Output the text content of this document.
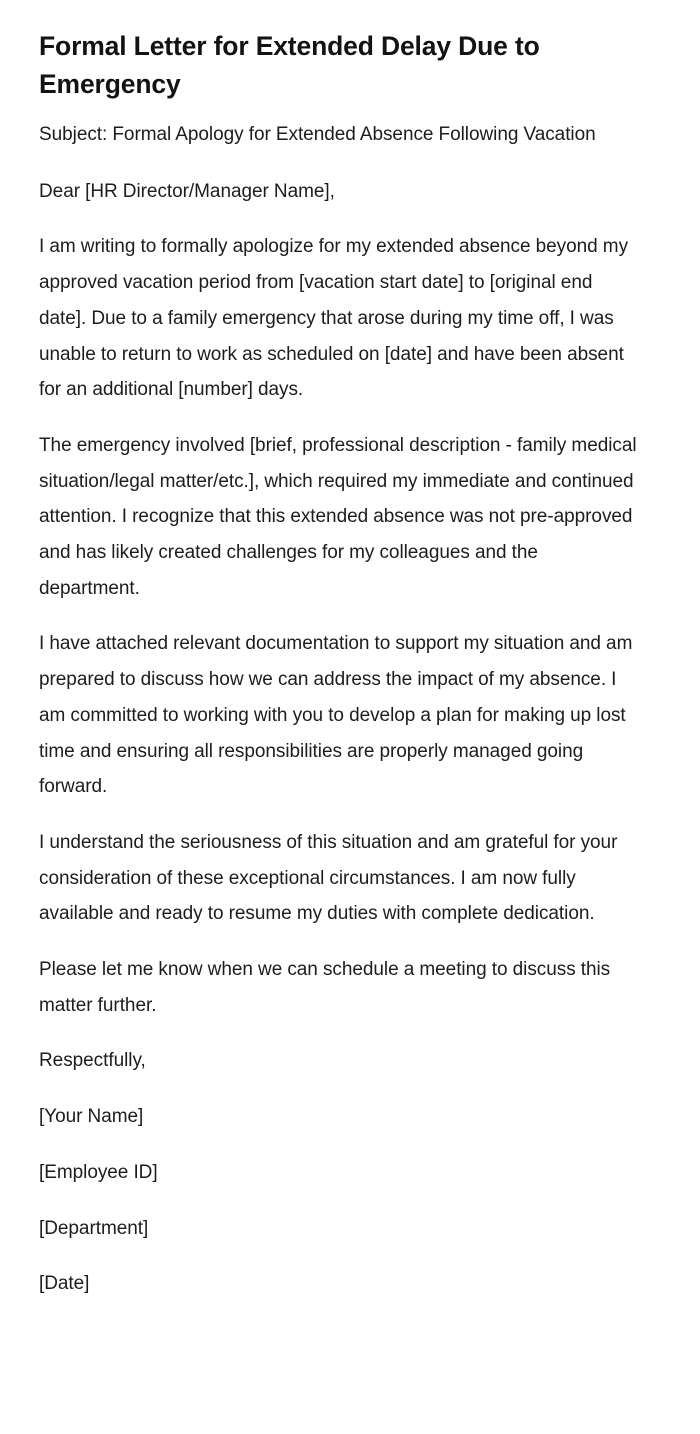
Formal Letter for Extended Delay Due to Emergency

Subject: Formal Apology for Extended Absence Following Vacation

Dear [HR Director/Manager Name],

I am writing to formally apologize for my extended absence beyond my approved vacation period from [vacation start date] to [original end date]. Due to a family emergency that arose during my time off, I was unable to return to work as scheduled on [date] and have been absent for an additional [number] days.

The emergency involved [brief, professional description - family medical situation/legal matter/etc.], which required my immediate and continued attention. I recognize that this extended absence was not pre-approved and has likely created challenges for my colleagues and the department.

I have attached relevant documentation to support my situation and am prepared to discuss how we can address the impact of my absence. I am committed to working with you to develop a plan for making up lost time and ensuring all responsibilities are properly managed going forward.

I understand the seriousness of this situation and am grateful for your consideration of these exceptional circumstances. I am now fully available and ready to resume my duties with complete dedication.

Please let me know when we can schedule a meeting to discuss this matter further.

Respectfully,

[Your Name]

[Employee ID]

[Department]

[Date]
